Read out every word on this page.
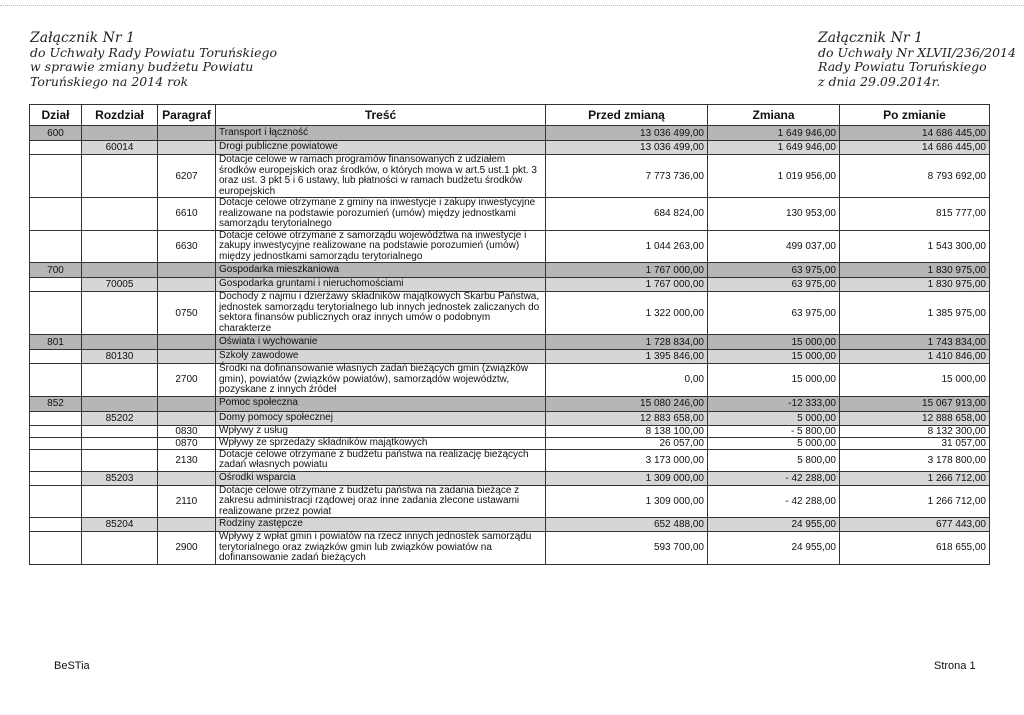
Załącznik Nr 1
do Uchwały Rady Powiatu Toruńskiego
w sprawie zmiany budżetu Powiatu
Toruńskiego na 2014 rok
Załącznik Nr 1
do Uchwały Nr XLVII/236/2014
Rady Powiatu Toruńskiego
z dnia 29.09.2014r.
Dział	Rozdział	Paragraf	Treść	Przed zmianą	Zmiana	Po zmianie
600			Transport i łączność	13 036 499,00	1 649 946,00	14 686 445,00
	60014		Drogi publiczne powiatowe	13 036 499,00	1 649 946,00	14 686 445,00
		6207	Dotacje celowe w ramach programów finansowanych z udziałem środków europejskich oraz środków, o których mowa w art.5 ust.1 pkt. 3 oraz ust. 3 pkt 5 i 6 ustawy, lub płatności w ramach budżetu środków europejskich	7 773 736,00	1 019 956,00	8 793 692,00
		6610	Dotacje celowe otrzymane z gminy na inwestycje i zakupy inwestycyjne realizowane na podstawie porozumień (umów) między jednostkami samorządu terytorialnego	684 824,00	130 953,00	815 777,00
		6630	Dotacje celowe otrzymane z samorządu województwa na inwestycje i zakupy inwestycyjne realizowane na podstawie porozumień (umów) między jednostkami samorządu terytorialnego	1 044 263,00	499 037,00	1 543 300,00
700			Gospodarka mieszkaniowa	1 767 000,00	63 975,00	1 830 975,00
	70005		Gospodarka gruntami i nieruchomościami	1 767 000,00	63 975,00	1 830 975,00
		0750	Dochody z najmu i dzierżawy składników majątkowych Skarbu Państwa, jednostek samorządu terytorialnego lub innych jednostek zaliczanych do sektora finansów publicznych oraz innych umów o podobnym charakterze	1 322 000,00	63 975,00	1 385 975,00
801			Oświata i wychowanie	1 728 834,00	15 000,00	1 743 834,00
	80130		Szkoły zawodowe	1 395 846,00	15 000,00	1 410 846,00
		2700	Środki na dofinansowanie własnych zadań bieżących gmin (związków gmin), powiatów (związków powiatów), samorządów województw, pozyskane z innych źródeł	0,00	15 000,00	15 000,00
852			Pomoc społeczna	15 080 246,00	-12 333,00	15 067 913,00
	85202		Domy pomocy społecznej	12 883 658,00	5 000,00	12 888 658,00
		0830	Wpływy z usług	8 138 100,00	- 5 800,00	8 132 300,00
		0870	Wpływy ze sprzedaży składników majątkowych	26 057,00	5 000,00	31 057,00
		2130	Dotacje celowe otrzymane z budżetu państwa na realizację bieżących zadań własnych powiatu	3 173 000,00	5 800,00	3 178 800,00
	85203		Ośrodki wsparcia	1 309 000,00	- 42 288,00	1 266 712,00
		2110	Dotacje celowe otrzymane z budżetu państwa na zadania bieżące z zakresu administracji rządowej oraz inne zadania zlecone ustawami realizowane przez powiat	1 309 000,00	- 42 288,00	1 266 712,00
	85204		Rodziny zastępcze	652 488,00	24 955,00	677 443,00
		2900	Wpływy z wpłat gmin i powiatów na rzecz innych jednostek samorządu terytorialnego oraz związków gmin lub związków powiatów na dofinansowanie zadań bieżących	593 700,00	24 955,00	618 655,00
BeSTia	Strona 1
